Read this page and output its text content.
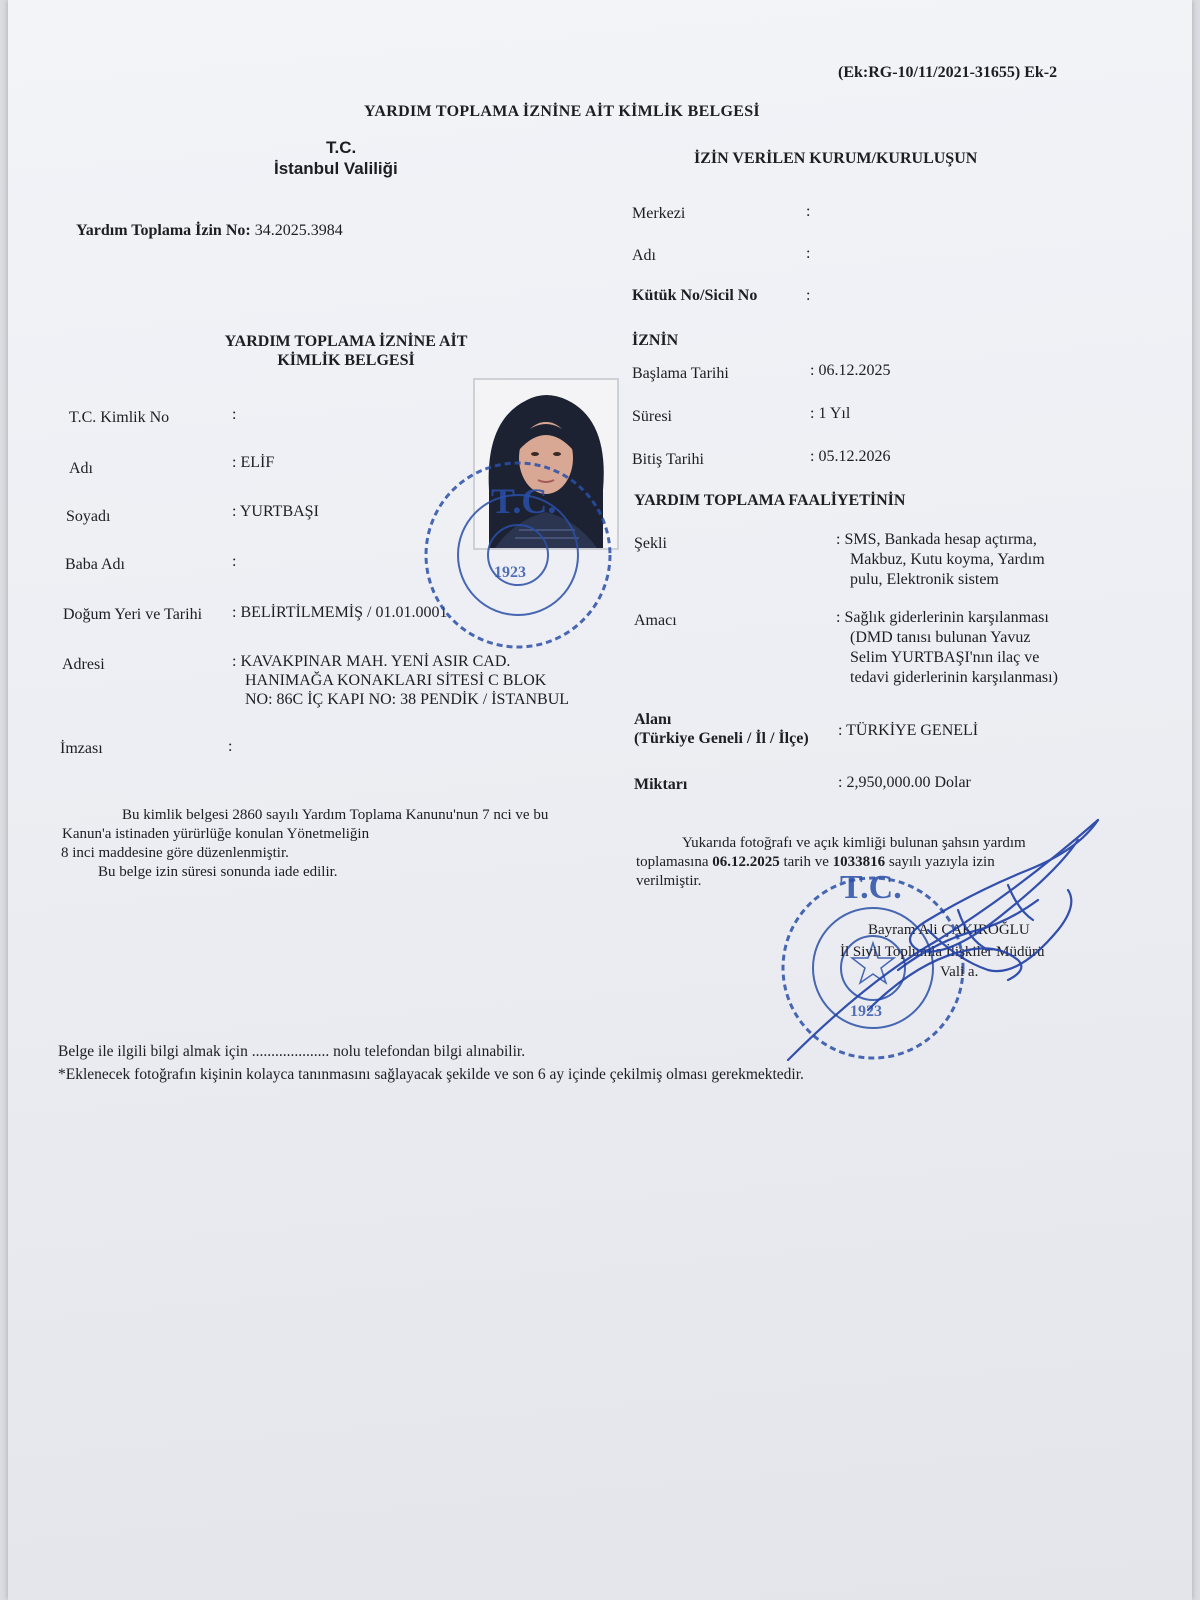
(Ek:RG-10/11/2021-31655) Ek-2
YARDIM TOPLAMA İZNİNE AİT KİMLİK BELGESİ
T.C.
İstanbul Valiliği
İZİN VERİLEN KURUM/KURULUŞUN
Yardım Toplama İzin No: 34.2025.3984
Merkezi	:
Adı	:
Kütük No/Sicil No	:
YARDIM TOPLAMA İZNİNE AİT
KİMLİK BELGESİ
İZNİN
Başlama Tarihi	: 06.12.2025
Süresi	: 1 Yıl
Bitiş Tarihi	: 05.12.2026
T.C. Kimlik No	:
Adı	: ELİF
Soyadı	: YURTBAŞI
Baba Adı	:
Doğum Yeri ve Tarihi : BELİRTİLMEMİŞ / 01.01.0001
Adresi	: KAVAKPINAR MAH. YENİ ASIR CAD.
HANIMAĞA KONAKLARI SİTESİ C BLOK
NO: 86C İÇ KAPI NO: 38 PENDİK / İSTANBUL
İmzası	:
T.C.
1923
YARDIM TOPLAMA FAALİYETİNİN
Şekli	: SMS, Bankada hesap açtırma,
Makbuz, Kutu koyma, Yardım
pulu, Elektronik sistem
Amacı	: Sağlık giderlerinin karşılanması
(DMD tanısı bulunan Yavuz
Selim YURTBAŞI'nın ilaç ve
tedavi giderlerinin karşılanması)
Alanı
(Türkiye Geneli / İl / İlçe) : TÜRKİYE GENELİ
Miktarı	: 2,950,000.00 Dolar
Bu kimlik belgesi 2860 sayılı Yardım Toplama Kanunu'nun 7 nci ve bu
Kanun'a istinaden yürürlüğe konulan Yönetmeliğin
8 inci maddesine göre düzenlenmiştir.
Bu belge izin süresi sonunda iade edilir.
Yukarıda fotoğrafı ve açık kimliği bulunan şahsın yardım
toplamasına 06.12.2025 tarih ve 1033816 sayılı yazıyla izin
verilmiştir.	T.C.
1923
Bayram Ali ÇAKIROĞLU
İl Sivil Toplumla İlişkiler Müdürü
Vali a.
Belge ile ilgili bilgi almak için .................... nolu telefondan bilgi alınabilir.
*Eklenecek fotoğrafın kişinin kolayca tanınmasını sağlayacak şekilde ve son 6 ay içinde çekilmiş olması gerekmektedir.
